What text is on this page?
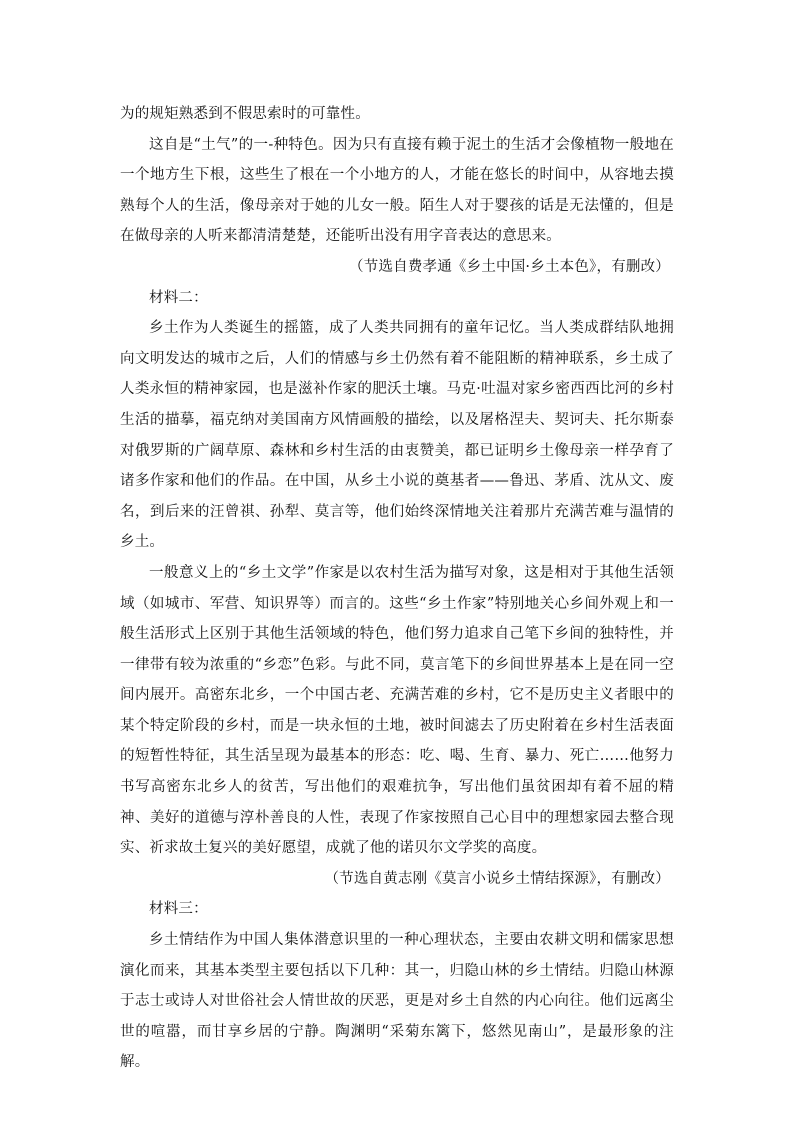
为的规矩熟悉到不假思索时的可靠性。

这自是“土气”的一-种特色。因为只有直接有赖于泥土的生活才会像植物一般地在一个地方生下根，这些生了根在一个小地方的人，才能在悠长的时间中，从容地去摸熟每个人的生活，像母亲对于她的儿女一般。陌生人对于婴孩的话是无法懂的，但是在做母亲的人听来都清清楚楚，还能听出没有用字音表达的意思来。

（节选自费孝通《乡土中国·乡土本色》，有删改）

材料二：

乡土作为人类诞生的摇篮，成了人类共同拥有的童年记忆。当人类成群结队地拥向文明发达的城市之后，人们的情感与乡土仍然有着不能阻断的精神联系，乡土成了人类永恒的精神家园，也是滋补作家的肥沃土壤。马克·吐温对家乡密西西比河的乡村生活的描摹，福克纳对美国南方风情画般的描绘，以及屠格涅夫、契诃夫、托尔斯泰对俄罗斯的广阔草原、森林和乡村生活的由衷赞美，都已证明乡土像母亲一样孕育了诸多作家和他们的作品。在中国，从乡土小说的奠基者——鲁迅、茅盾、沈从文、废名，到后来的汪曾祺、孙犁、莫言等，他们始终深情地关注着那片充满苦难与温情的乡土。

一般意义上的“乡土文学”作家是以农村生活为描写对象，这是相对于其他生活领域（如城市、军营、知识界等）而言的。这些“乡土作家”特别地关心乡间外观上和一般生活形式上区别于其他生活领域的特色，他们努力追求自己笔下乡间的独特性，并一律带有较为浓重的“乡恋”色彩。与此不同，莫言笔下的乡间世界基本上是在同一空间内展开。高密东北乡，一个中国古老、充满苦难的乡村，它不是历史主义者眼中的某个特定阶段的乡村，而是一块永恒的土地，被时间滤去了历史附着在乡村生活表面的短暂性特征，其生活呈现为最基本的形态：吃、喝、生育、暴力、死亡……他努力书写高密东北乡人的贫苦，写出他们的艰难抗争，写出他们虽贫困却有着不屈的精神、美好的道德与淳朴善良的人性，表现了作家按照自己心目中的理想家园去整合现实、祈求故土复兴的美好愿望，成就了他的诺贝尔文学奖的高度。

（节选自黄志刚《莫言小说乡土情结探源》，有删改）

材料三：

乡土情结作为中国人集体潜意识里的一种心理状态，主要由农耕文明和儒家思想演化而来，其基本类型主要包括以下几种：其一，归隐山林的乡土情结。归隐山林源于志士或诗人对世俗社会人情世故的厌恶，更是对乡土自然的内心向往。他们远离尘世的喧嚣，而甘享乡居的宁静。陶渊明“采菊东篱下，悠然见南山”，是最形象的注解。
